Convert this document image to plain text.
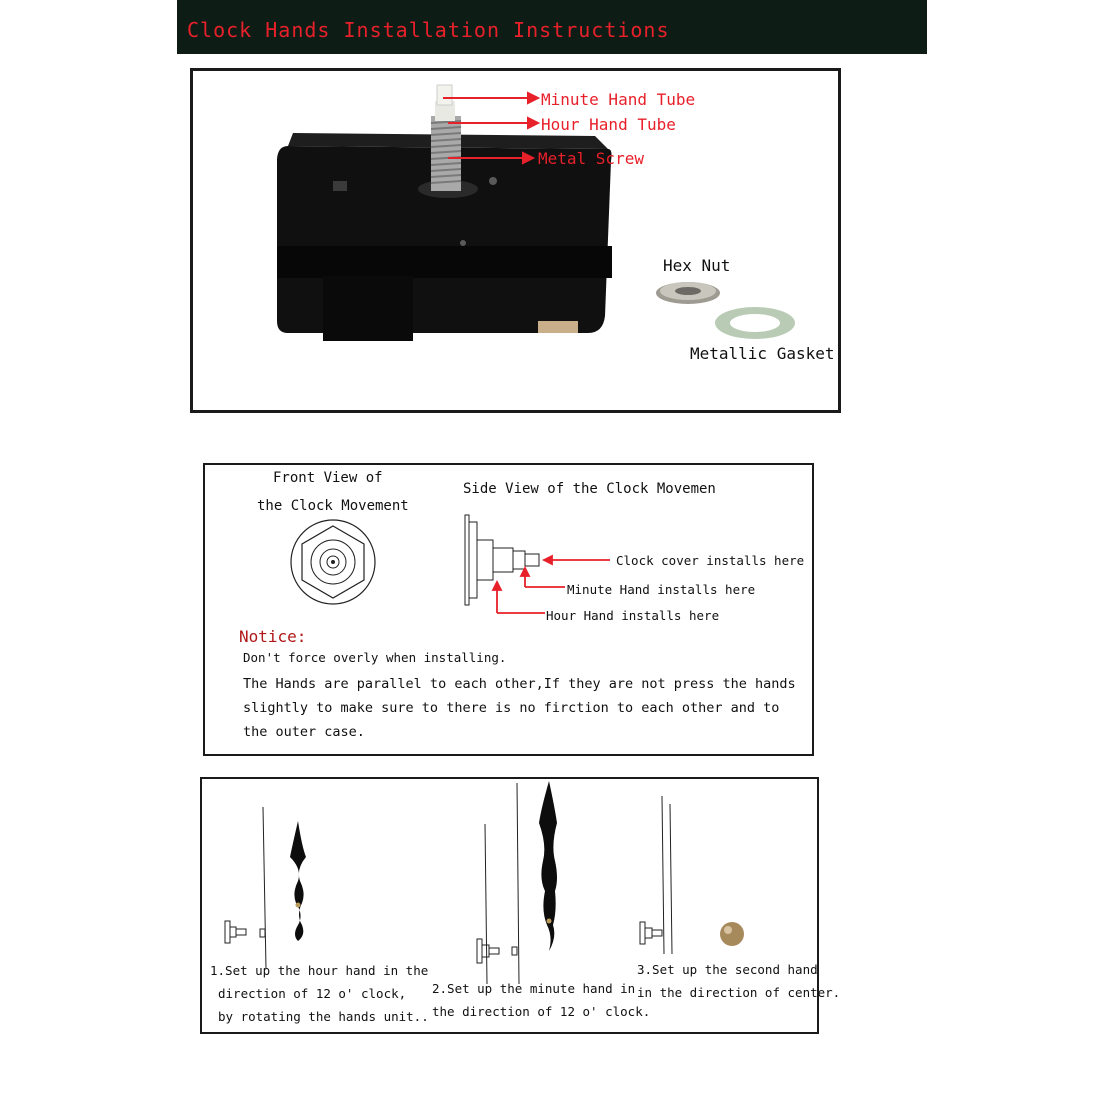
Clock Hands Installation Instructions
Minute Hand Tube
Hour Hand Tube
Metal Screw
Hex Nut
Metallic Gasket
Front View of
the Clock Movement
Side View of the Clock Movemen
Clock cover installs here
Minute Hand installs here
Hour Hand installs here
Notice:
Don't force overly when installing.
The Hands are parallel to each other,If they are not press the hands
slightly to make sure to there is no firction to each other and to
the outer case.
1.Set up the hour hand in the
direction of 12 o' clock,
by rotating the hands unit..
2.Set up the minute hand in
the direction of 12 o' clock.
3.Set up the second hand
in the direction of center.
